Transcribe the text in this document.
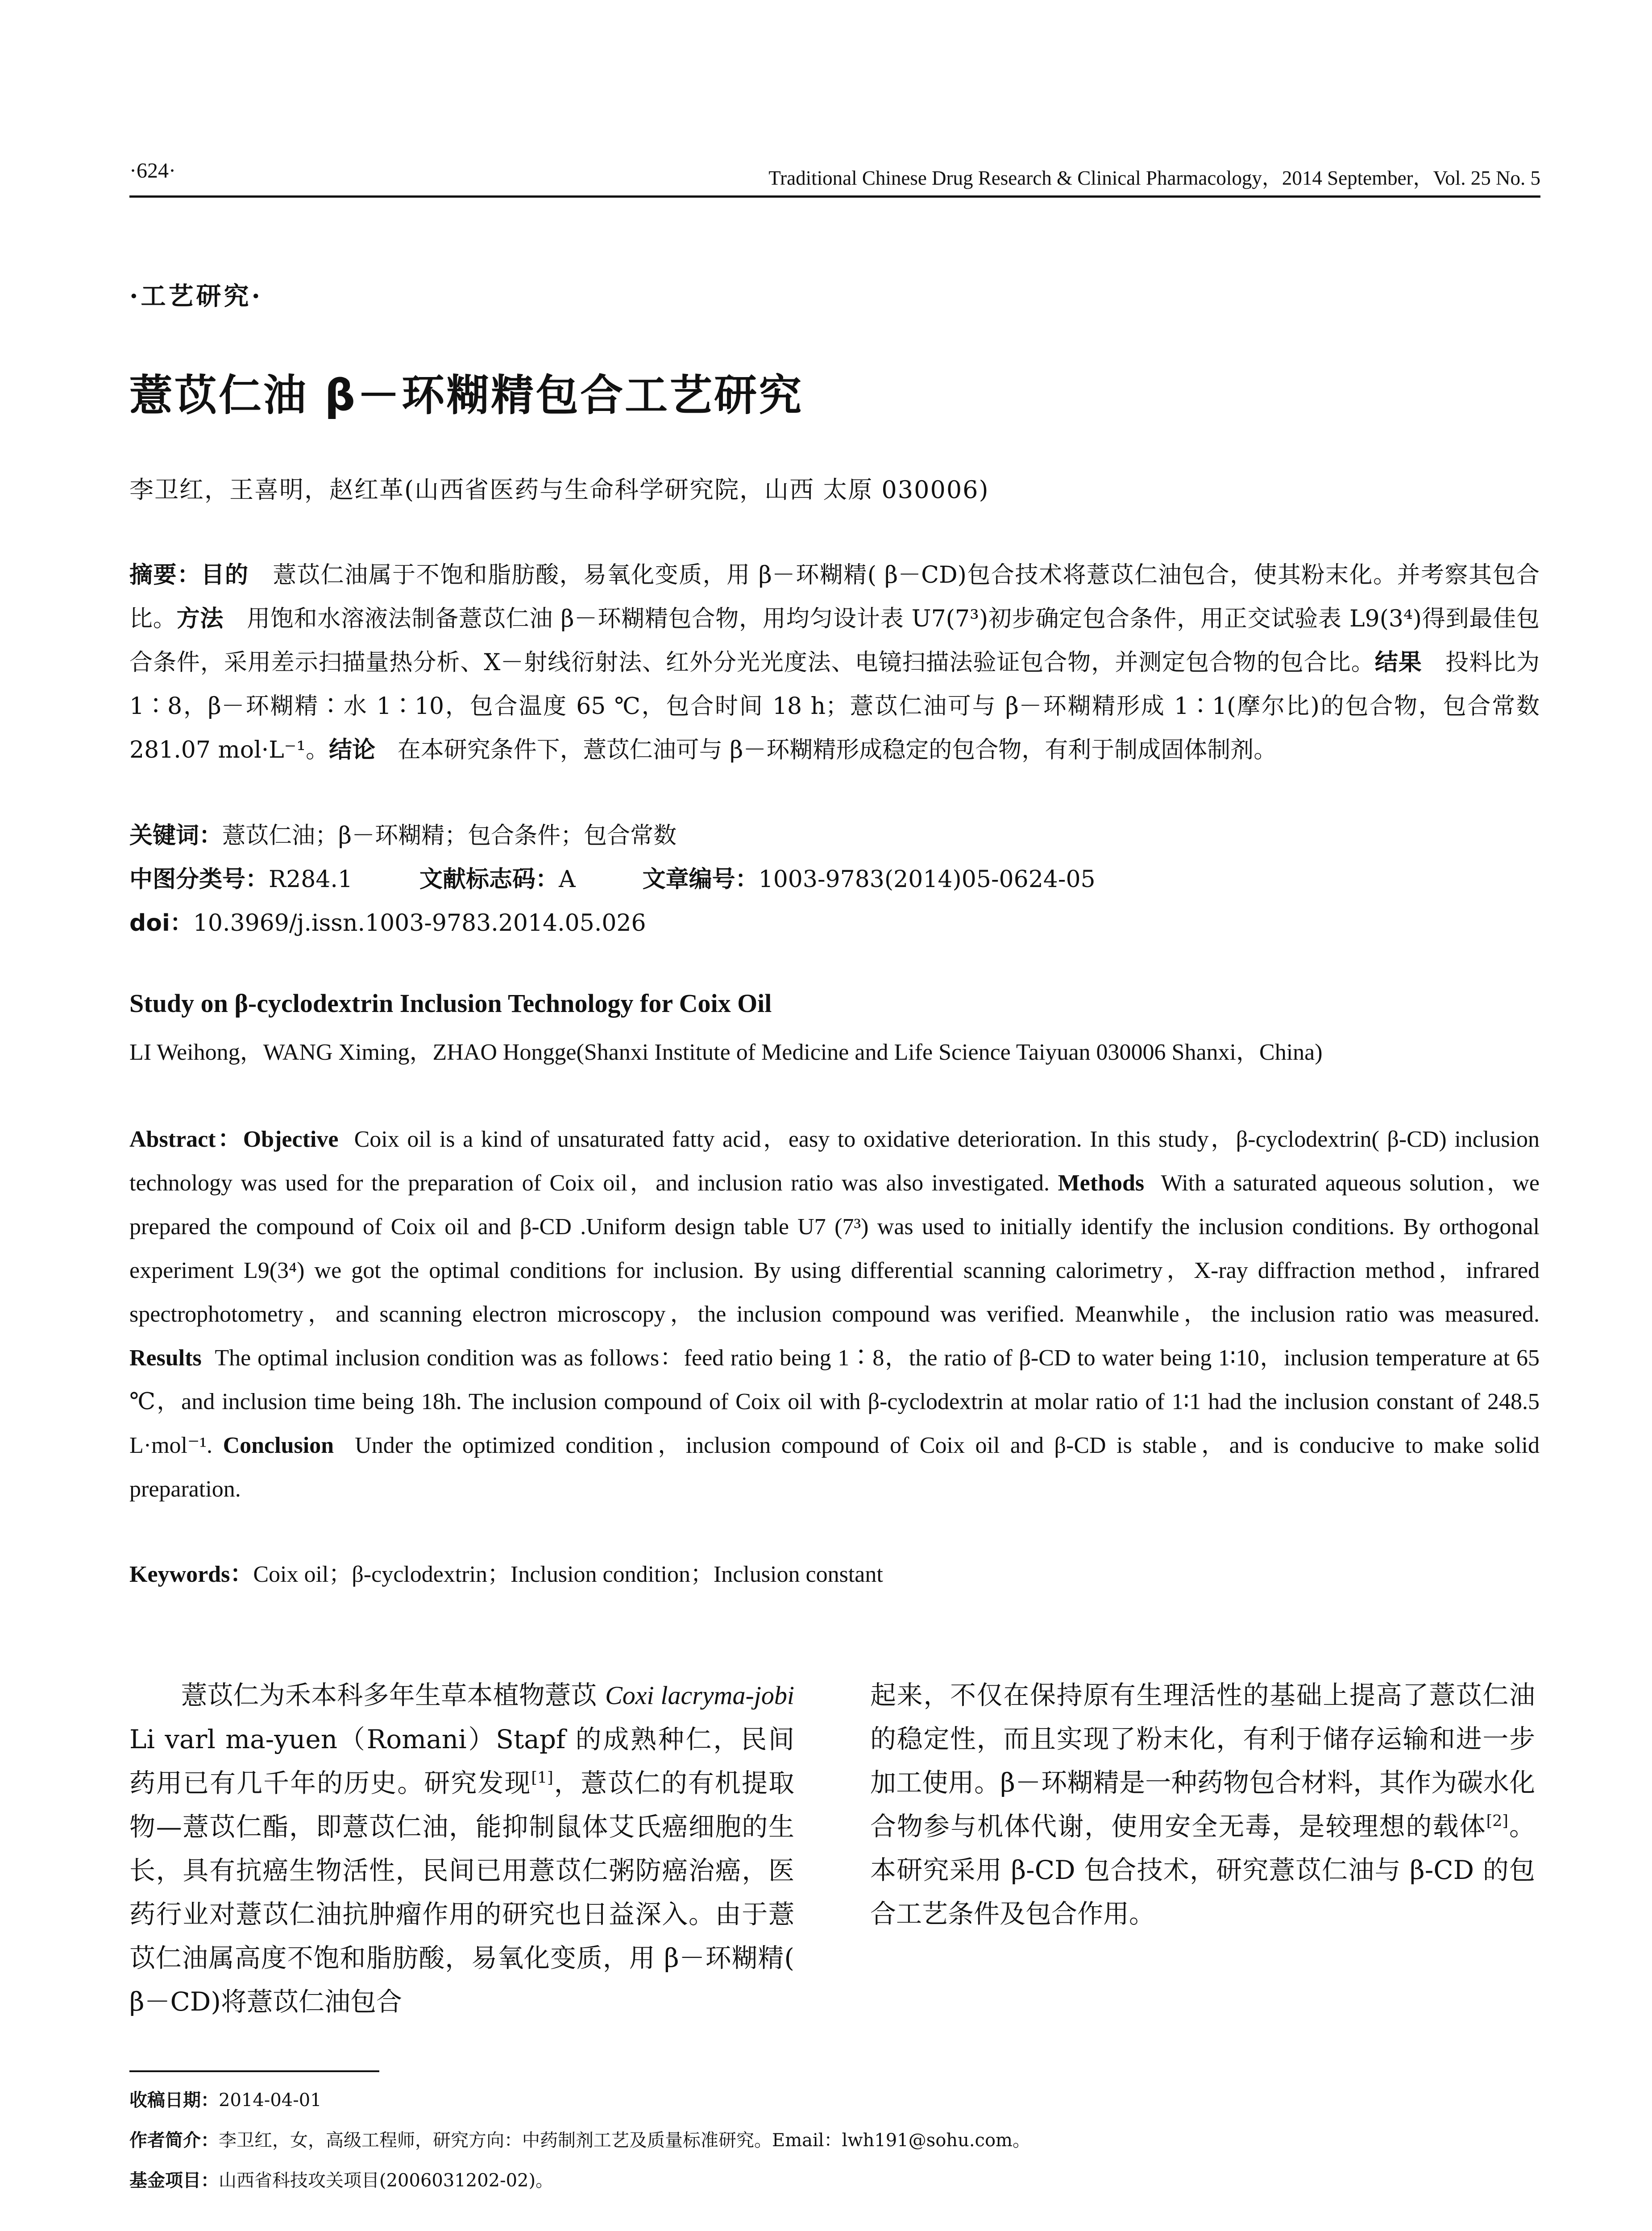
·624·	Traditional Chinese Drug Research & Clinical Pharmacology，2014 September，Vol. 25 No. 5
·工艺研究·
薏苡仁油 β－环糊精包合工艺研究
李卫红，王喜明，赵红革(山西省医药与生命科学研究院，山西 太原 030006)
摘要：目的 薏苡仁油属于不饱和脂肪酸，易氧化变质，用 β－环糊精( β－CD)包合技术将薏苡仁油包合，使其粉末化。并考察其包合比。方法 用饱和水溶液法制备薏苡仁油 β－环糊精包合物，用均匀设计表 U7(7³)初步确定包合条件，用正交试验表 L9(3⁴)得到最佳包合条件，采用差示扫描量热分析、X－射线衍射法、红外分光光度法、电镜扫描法验证包合物，并测定包合物的包合比。结果 投料比为 1∶8，β－环糊精∶水 1∶10，包合温度 65 ℃，包合时间 18 h；薏苡仁油可与 β－环糊精形成 1∶1(摩尔比)的包合物，包合常数 281.07 mol·L⁻¹。结论 在本研究条件下，薏苡仁油可与 β－环糊精形成稳定的包合物，有利于制成固体制剂。
关键词：薏苡仁油；β－环糊精；包合条件；包合常数
中图分类号：R284.1	文献标志码：A	文章编号：1003-9783(2014)05-0624-05
doi：10.3969/j.issn.1003-9783.2014.05.026
Study on β-cyclodextrin Inclusion Technology for Coix Oil
LI Weihong，WANG Ximing，ZHAO Hongge(Shanxi Institute of Medicine and Life Science Taiyuan 030006 Shanxi，China)
Abstract：Objective Coix oil is a kind of unsaturated fatty acid，easy to oxidative deterioration. In this study，β-cyclodextrin( β-CD) inclusion technology was used for the preparation of Coix oil，and inclusion ratio was also investigated. Methods With a saturated aqueous solution，we prepared the compound of Coix oil and β-CD .Uniform design table U7 (7³) was used to initially identify the inclusion conditions. By orthogonal experiment L9(3⁴) we got the optimal conditions for inclusion. By using differential scanning calorimetry，X-ray diffraction method，infrared spectrophotometry，and scanning electron microscopy，the inclusion compound was verified. Meanwhile，the inclusion ratio was measured. Results The optimal inclusion condition was as follows：feed ratio being 1∶8，the ratio of β-CD to water being 1∶10，inclusion temperature at 65 ℃，and inclusion time being 18h. The inclusion compound of Coix oil with β-cyclodextrin at molar ratio of 1∶1 had the inclusion constant of 248.5 L·mol⁻¹. Conclusion Under the optimized condition，inclusion compound of Coix oil and β-CD is stable，and is conducive to make solid preparation.
Keywords：Coix oil；β-cyclodextrin；Inclusion condition；Inclusion constant
薏苡仁为禾本科多年生草本植物薏苡 Coxi lacryma-jobi Li varl ma-yuen（Romani）Stapf 的成熟种仁，民间药用已有几千年的历史。研究发现[1]，薏苡仁的有机提取物—薏苡仁酯，即薏苡仁油，能抑制鼠体艾氏癌细胞的生长，具有抗癌生物活性，民间已用薏苡仁粥防癌治癌，医药行业对薏苡仁油抗肿瘤作用的研究也日益深入。由于薏苡仁油属高度不饱和脂肪酸，易氧化变质，用 β－环糊精( β－CD)将薏苡仁油包合
起来，不仅在保持原有生理活性的基础上提高了薏苡仁油的稳定性，而且实现了粉末化，有利于储存运输和进一步加工使用。β－环糊精是一种药物包合材料，其作为碳水化合物参与机体代谢，使用安全无毒，是较理想的载体[2]。本研究采用 β-CD 包合技术，研究薏苡仁油与 β-CD 的包合工艺条件及包合作用。
收稿日期：2014-04-01
作者简介：李卫红，女，高级工程师，研究方向：中药制剂工艺及质量标准研究。Email：lwh191@sohu.com。
基金项目：山西省科技攻关项目(2006031202-02)。
